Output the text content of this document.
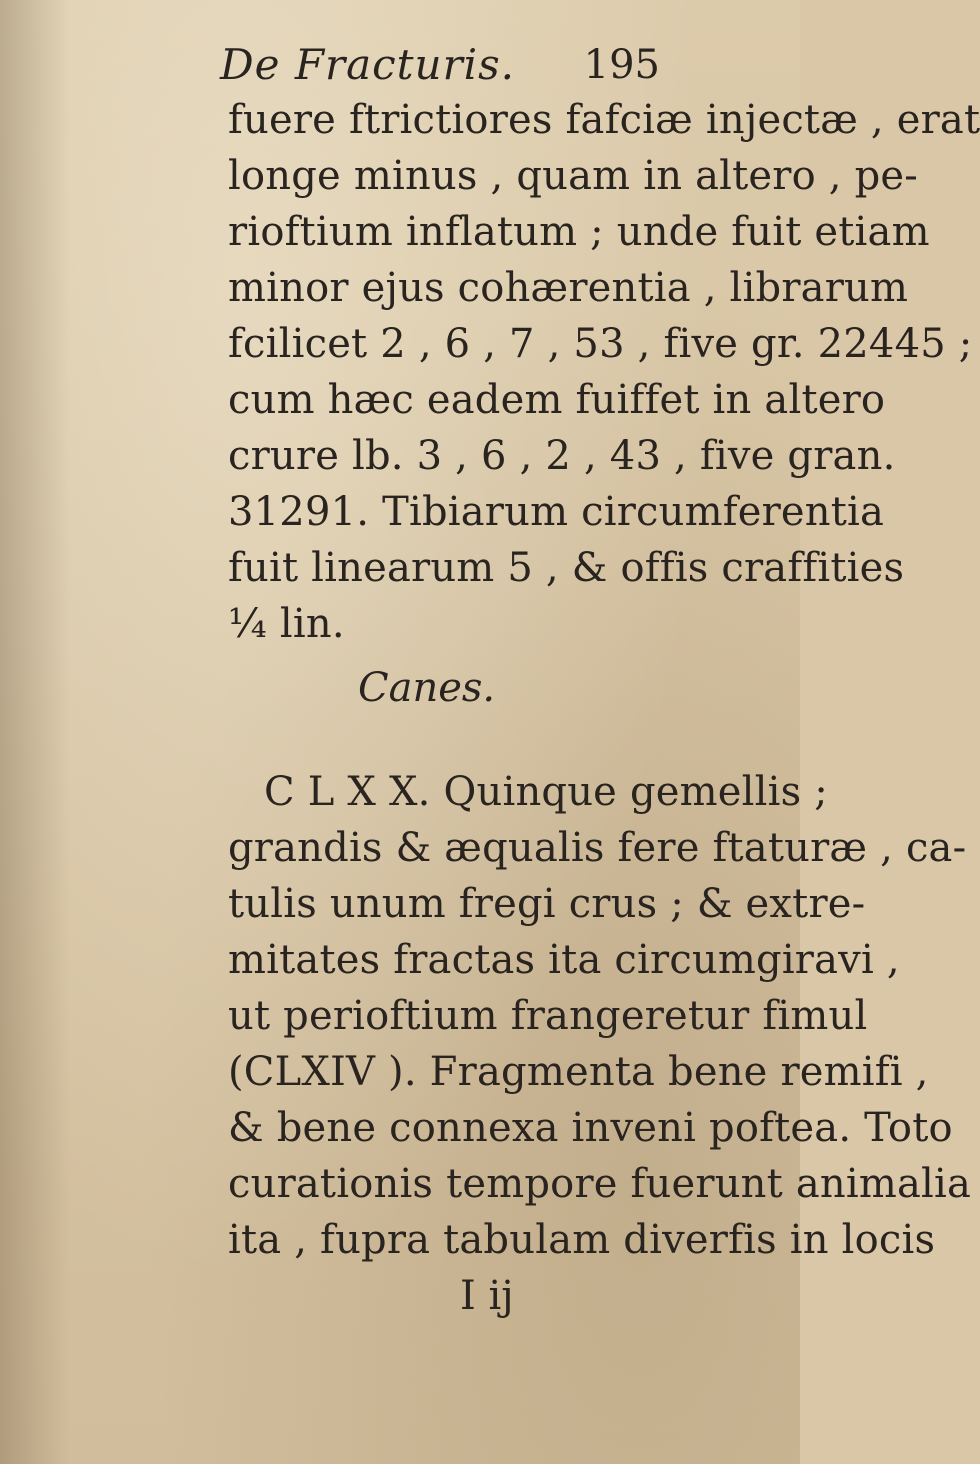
De Fracturis. 195
fuere ftrictiores fafciæ injectæ , erat
longe minus , quam in altero , pe-
rioftium inflatum ; unde fuit etiam
minor ejus cohærentia , librarum
fcilicet 2 , 6 , 7 , 53 , five gr. 22445 ;
cum hæc eadem fuiffet in altero
crure lb. 3 , 6 , 2 , 43 , five gran.
31291. Tibiarum circumferentia
fuit linearum 5 , & offis craffities
¼ lin.
Canes.
C L X X. Quinque gemellis ;
grandis & æqualis fere ftaturæ , ca-
tulis unum fregi crus ; & extre-
mitates fractas ita circumgiravi ,
ut perioftium frangeretur fimul
(CLXIV ). Fragmenta bene remifi ,
& bene connexa inveni poftea. Toto
curationis tempore fuerunt animalia
ita , fupra tabulam diverfis in locis
I ij
